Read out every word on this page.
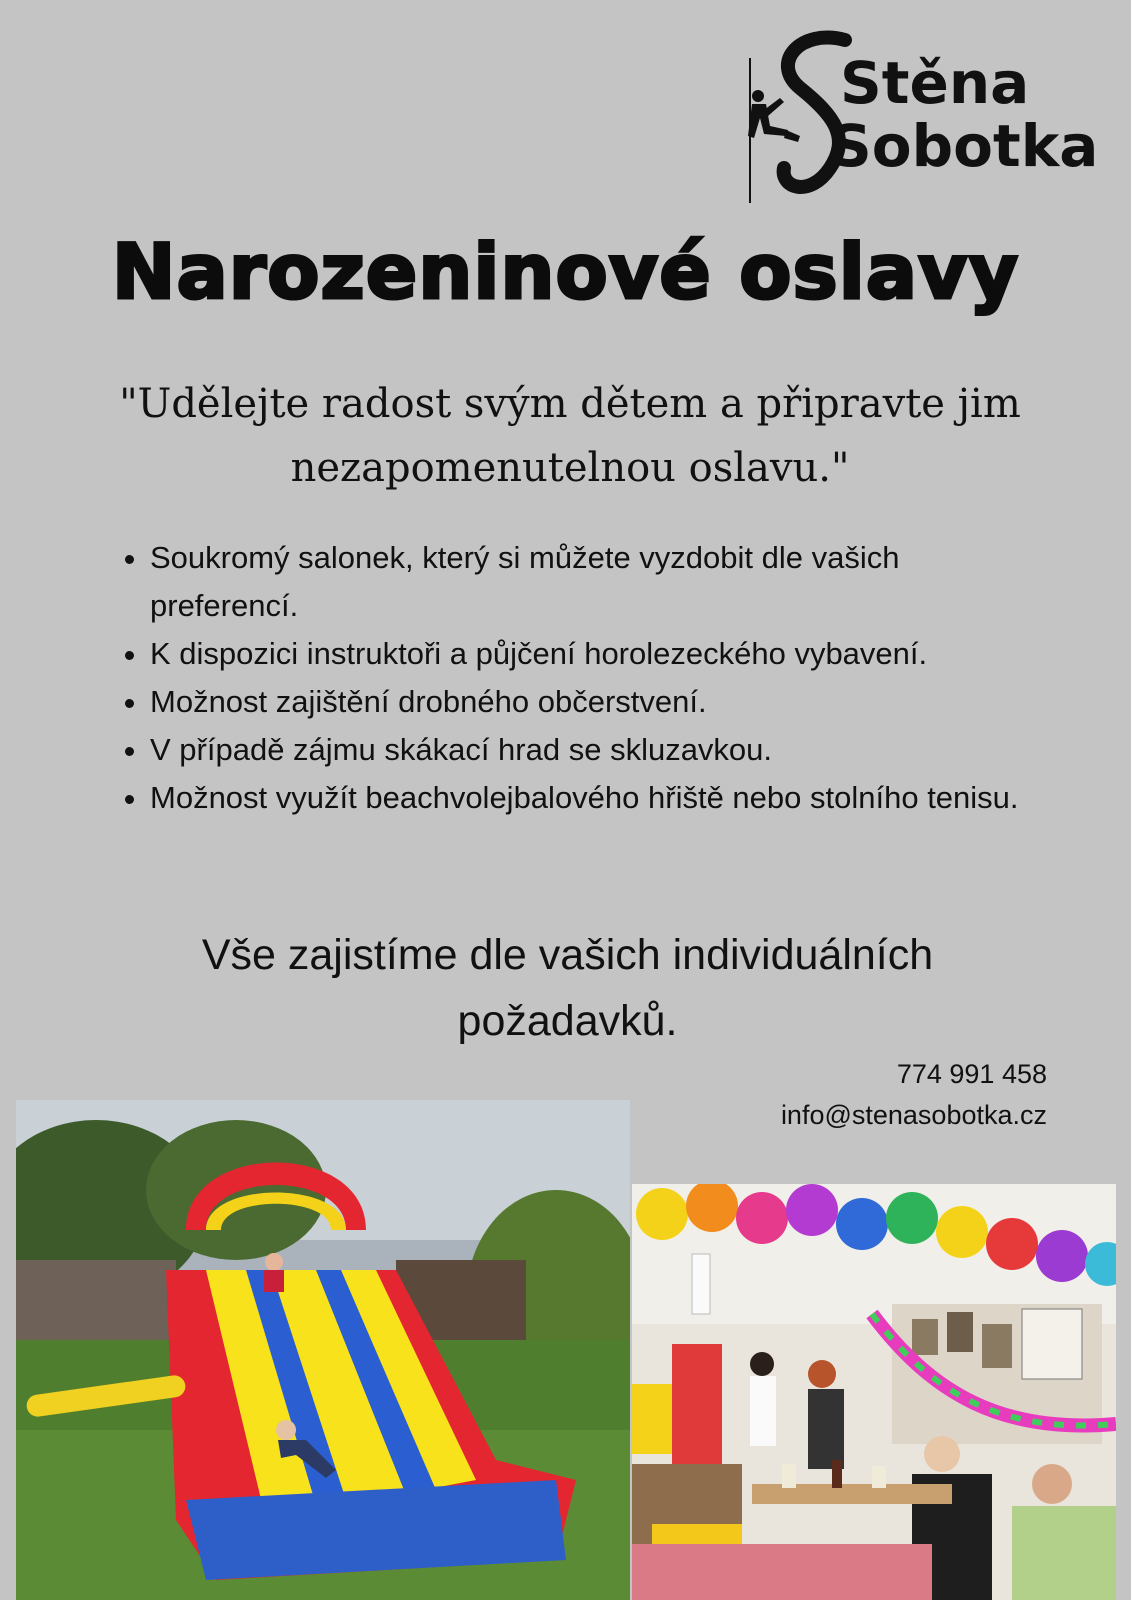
Stěna
Sobotka
Narozeninové oslavy

"Udělejte radost svým dětem a připravte jim nezapomenutelnou oslavu."

• Soukromý salonek, který si můžete vyzdobit dle vašich preferencí.
• K dispozici instruktoři a půjčení horolezeckého vybavení.
• Možnost zajištění drobného občerstvení.
• V případě zájmu skákací hrad se skluzavkou.
• Možnost využít beachvolejbalového hřiště nebo stolního tenisu.

Vše zajistíme dle vašich individuálních požadavků.

774 991 458

info@stenasobotka.cz
